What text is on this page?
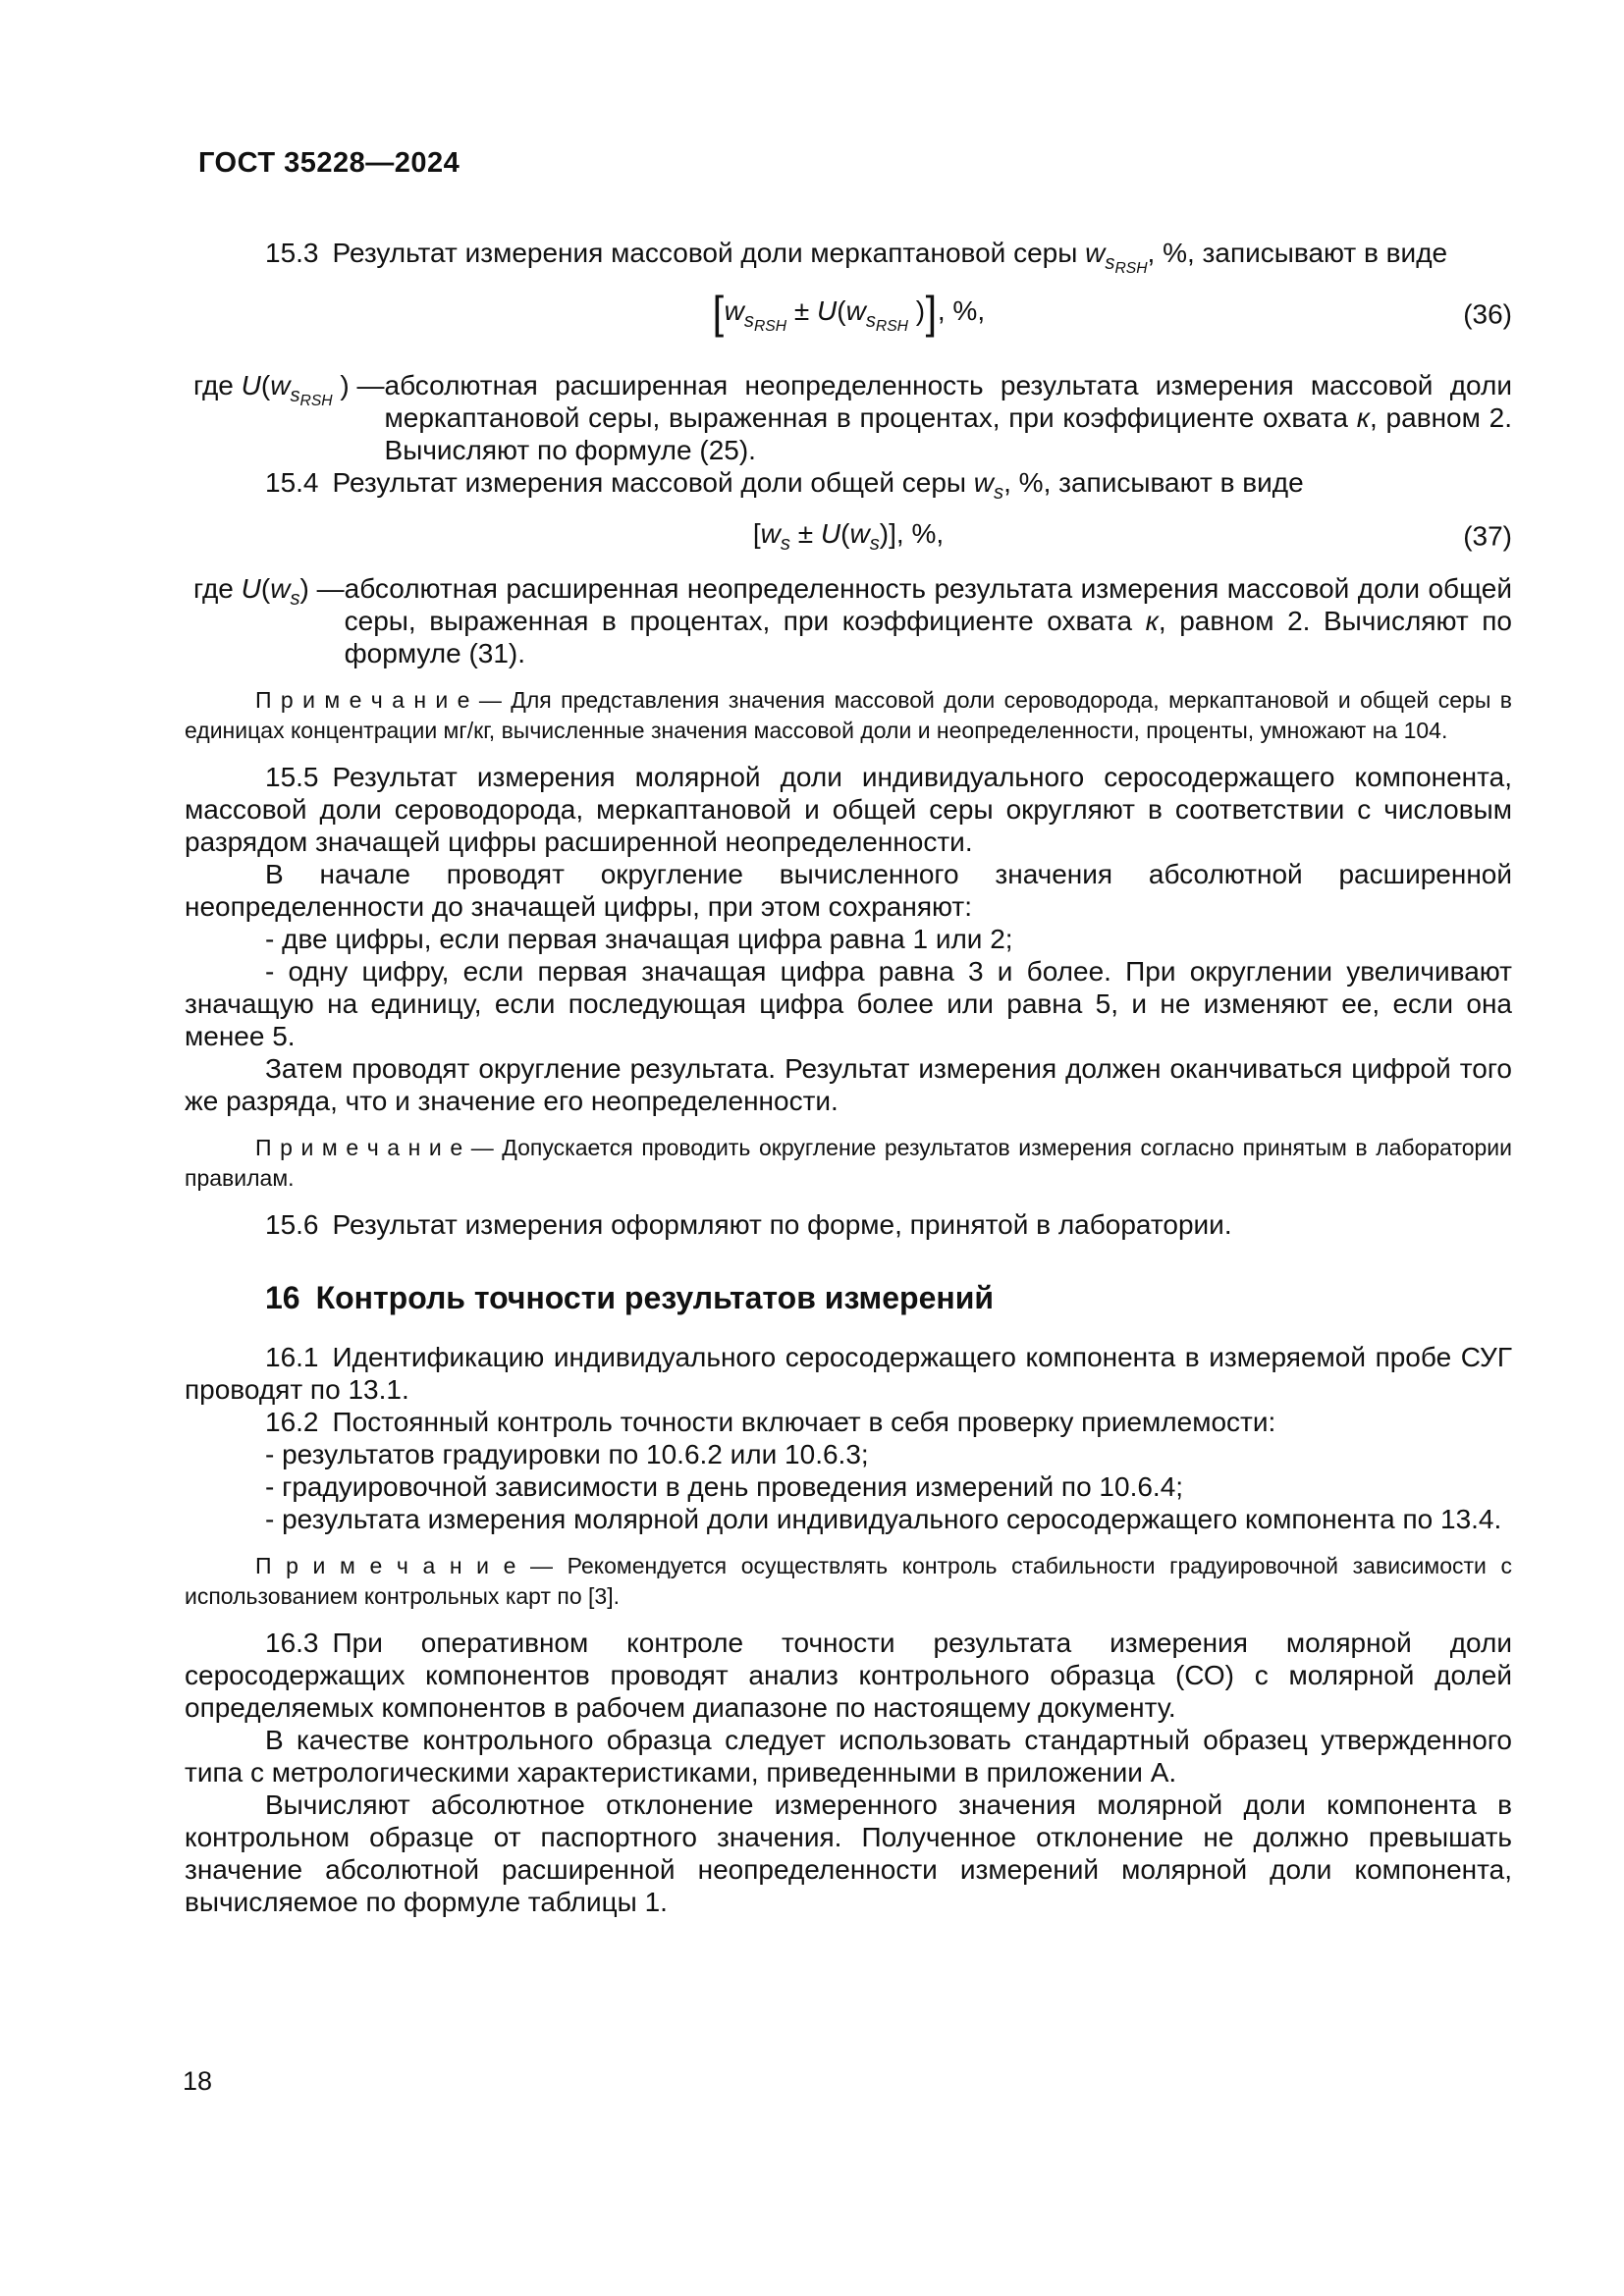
ГОСТ 35228—2024

15.3 Результат измерения массовой доли меркаптановой серы $w_{sRSH}$, %, записывают в виде

[$w_{sRSH} \pm U(w_{sRSH}$ )], %,	(36)
где $U(w_{sRSH}$ ) — абсолютная расширенная неопределенность результата измерения массовой доли меркаптановой серы, выраженная в процентах, при коэффициенте охвата к, равном 2. Вычисляют по формуле (25).

15.4 Результат измерения массовой доли общей серы $w_s$, %, записывают в виде

$[w_s \pm U(w_s)]$, %,	(37)
где $U(w_s)$ — абсолютная расширенная неопределенность результата измерения массовой доли общей серы, выраженная в процентах, при коэффициенте охвата к, равном 2. Вычисляют по формуле (31).

П р и м е ч а н и е — Для представления значения массовой доли сероводорода, меркаптановой и общей серы в единицах концентрации мг/кг, вычисленные значения массовой доли и неопределенности, проценты, умножают на 104.

15.5 Результат измерения молярной доли индивидуального серосодержащего компонента, массовой доли сероводорода, меркаптановой и общей серы округляют в соответствии с числовым разрядом значащей цифры расширенной неопределенности.

В начале проводят округление вычисленного значения абсолютной расширенной неопределенности до значащей цифры, при этом сохраняют:

- две цифры, если первая значащая цифра равна 1 или 2;

- одну цифру, если первая значащая цифра равна 3 и более. При округлении увеличивают значащую на единицу, если последующая цифра более или равна 5, и не изменяют ее, если она менее 5.

Затем проводят округление результата. Результат измерения должен оканчиваться цифрой того же разряда, что и значение его неопределенности.

П р и м е ч а н и е — Допускается проводить округление результатов измерения согласно принятым в лаборатории правилам.

15.6 Результат измерения оформляют по форме, принятой в лаборатории.

16 Контроль точности результатов измерений

16.1 Идентификацию индивидуального серосодержащего компонента в измеряемой пробе СУГ проводят по 13.1.

16.2 Постоянный контроль точности включает в себя проверку приемлемости:

- результатов градуировки по 10.6.2 или 10.6.3;

- градуировочной зависимости в день проведения измерений по 10.6.4;

- результата измерения молярной доли индивидуального серосодержащего компонента по 13.4.

П р и м е ч а н и е — Рекомендуется осуществлять контроль стабильности градуировочной зависимости с использованием контрольных карт по [3].

16.3 При оперативном контроле точности результата измерения молярной доли серосодержащих компонентов проводят анализ контрольного образца (СО) с молярной долей определяемых компонентов в рабочем диапазоне по настоящему документу.

В качестве контрольного образца следует использовать стандартный образец утвержденного типа с метрологическими характеристиками, приведенными в приложении А.

Вычисляют абсолютное отклонение измеренного значения молярной доли компонента в контрольном образце от паспортного значения. Полученное отклонение не должно превышать значение абсолютной расширенной неопределенности измерений молярной доли компонента, вычисляемое по формуле таблицы 1.

18
